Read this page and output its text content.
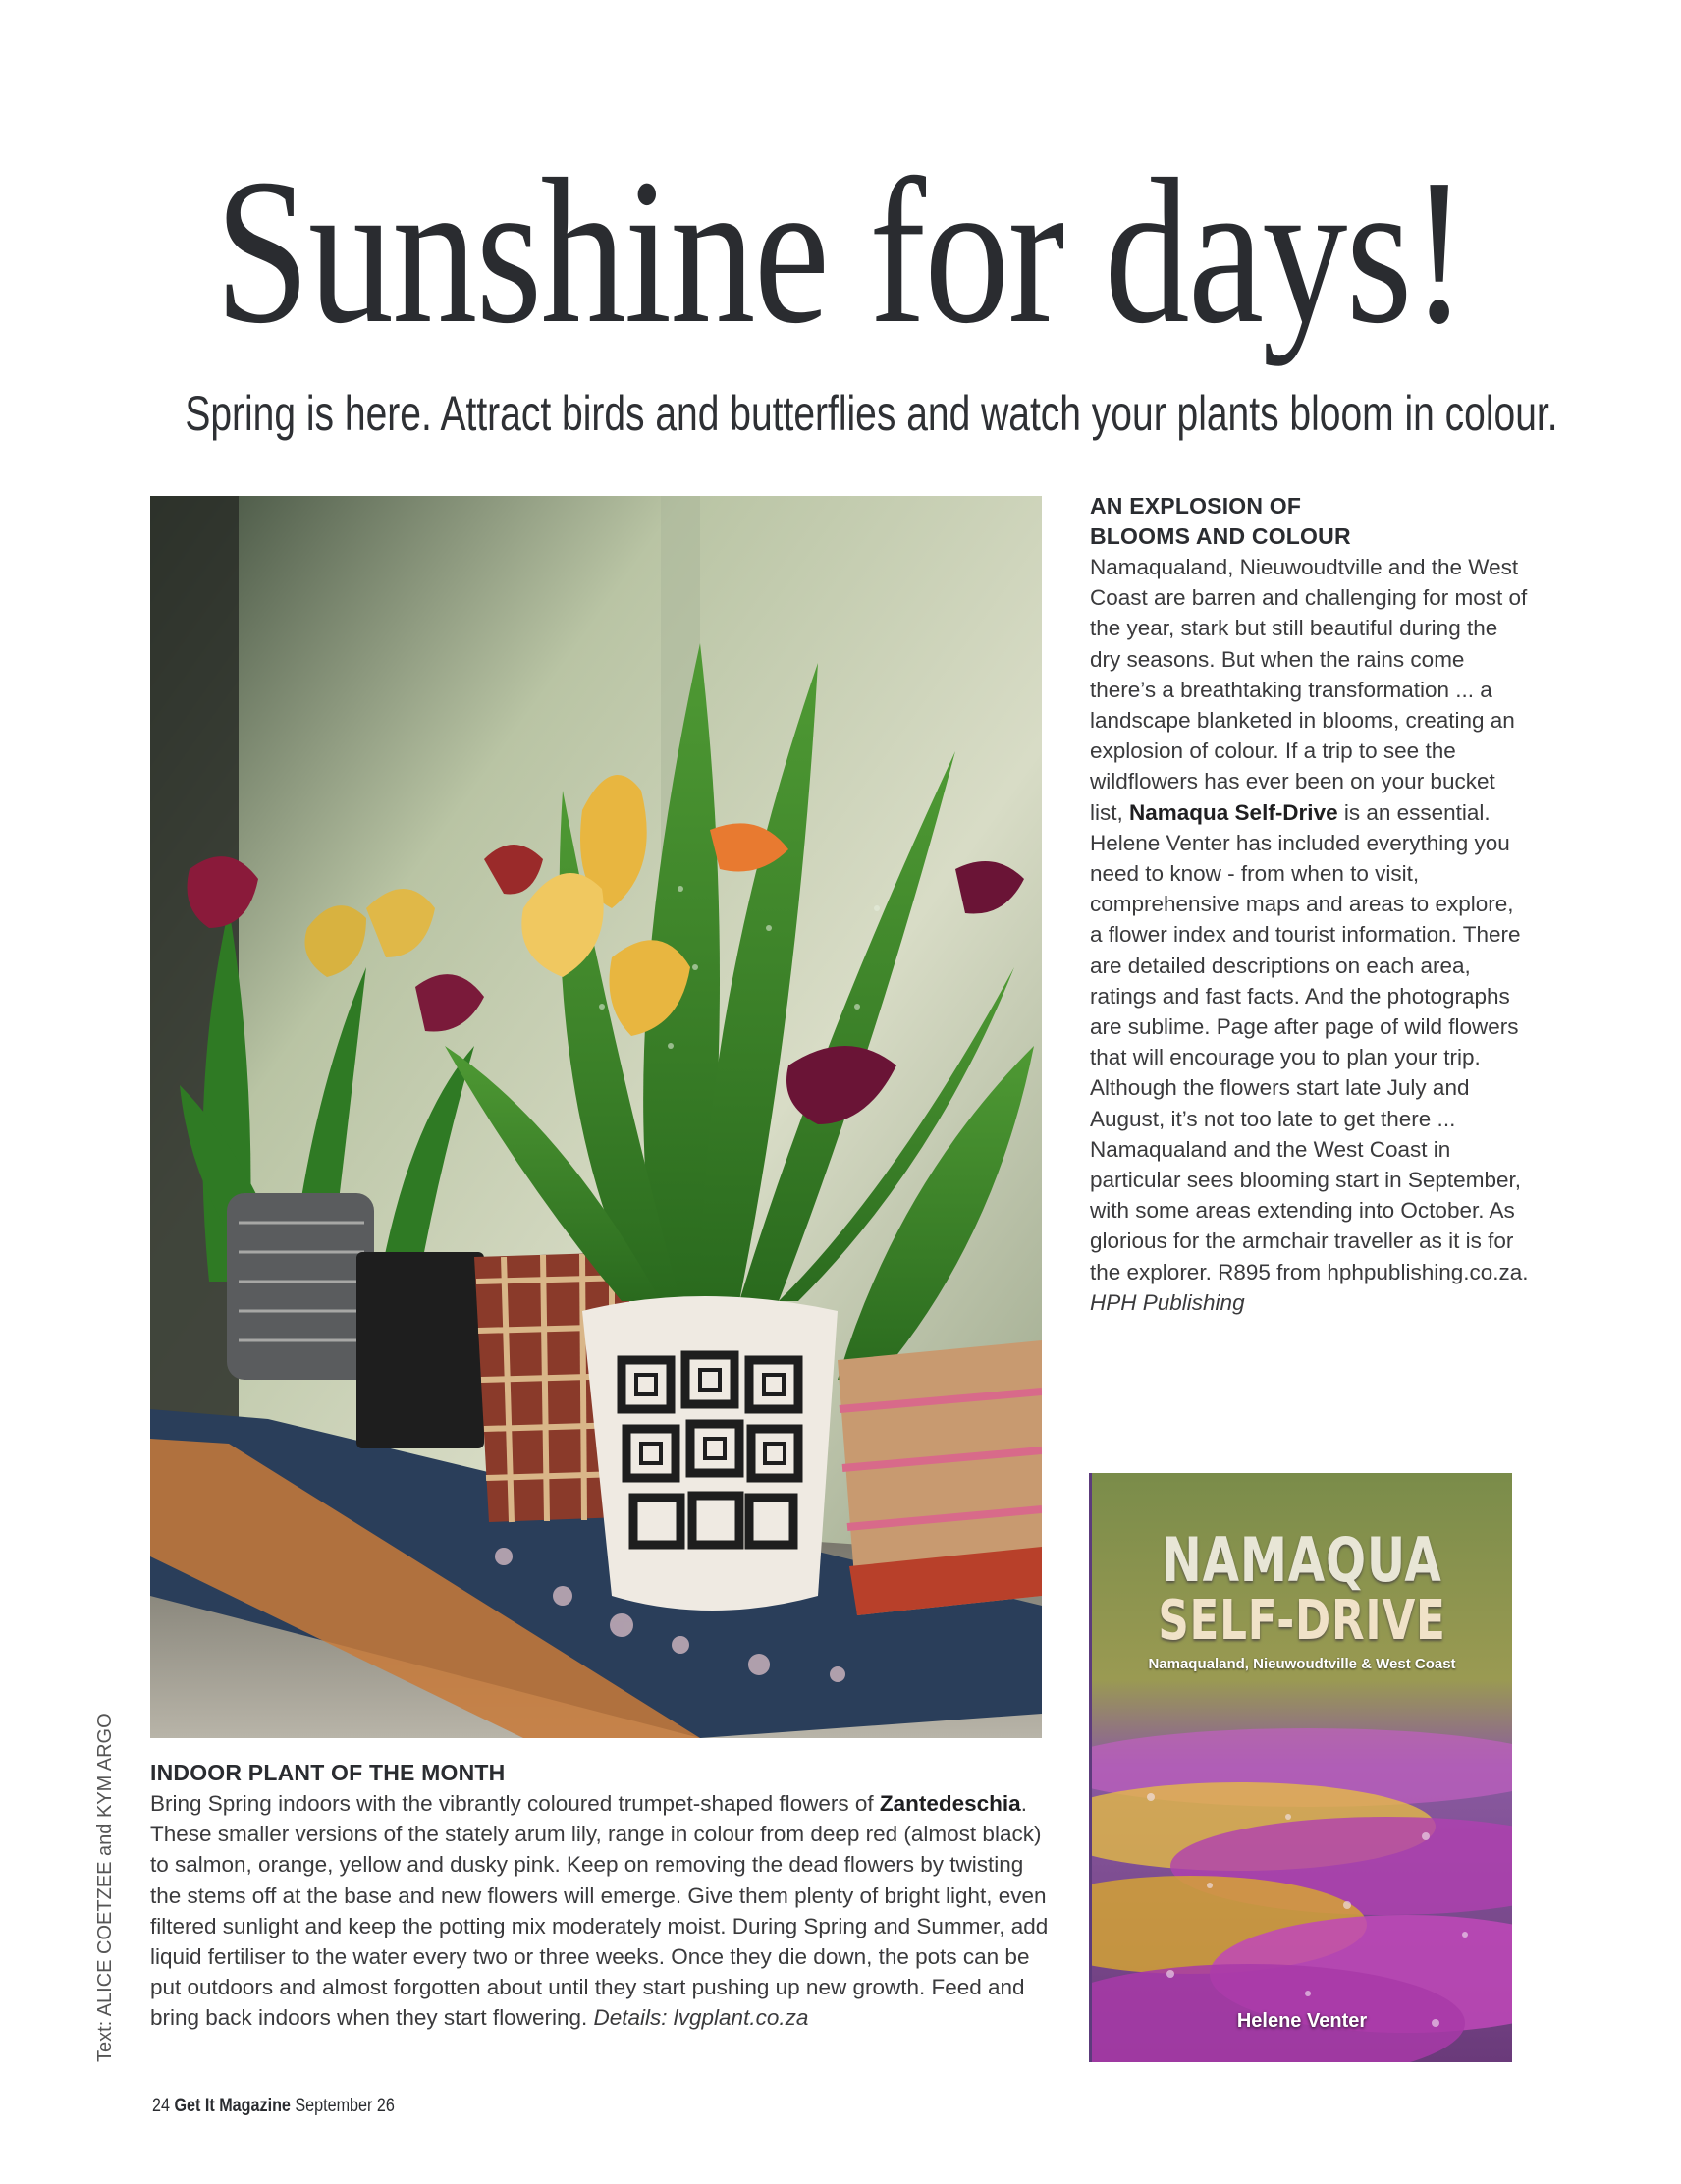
Sunshine for days!
Spring is here. Attract birds and butterflies and watch your plants bloom in colour.
AN EXPLOSION OF
BLOOMS AND COLOUR
Namaqualand, Nieuwoudtville and the West Coast are barren and challenging for most of the year, stark but still beautiful during the dry seasons. But when the rains come there’s a breathtaking transformation ... a landscape blanketed in blooms, creating an explosion of colour. If a trip to see the wildflowers has ever been on your bucket list, Namaqua Self-Drive is an essential. Helene Venter has included everything you need to know - from when to visit, comprehensive maps and areas to explore, a flower index and tourist information. There are detailed descriptions on each area, ratings and fast facts. And the photographs are sublime. Page after page of wild flowers that will encourage you to plan your trip. Although the flowers start late July and August, it’s not too late to get there ... Namaqualand and the West Coast in particular sees blooming start in September, with some areas extending into October. As glorious for the armchair traveller as it is for the explorer. R895 from hphpublishing.co.za. HPH Publishing
NAMAQUA
SELF-DRIVE
Namaqualand, Nieuwoudtville & West Coast
Helene Venter
INDOOR PLANT OF THE MONTH
Bring Spring indoors with the vibrantly coloured trumpet-shaped flowers of Zantedeschia. These smaller versions of the stately arum lily, range in colour from deep red (almost black) to salmon, orange, yellow and dusky pink. Keep on removing the dead flowers by twisting the stems off at the base and new flowers will emerge. Give them plenty of bright light, even filtered sunlight and keep the potting mix moderately moist. During Spring and Summer, add liquid fertiliser to the water every two or three weeks. Once they die down, the pots can be put outdoors and almost forgotten about until they start pushing up new growth. Feed and bring back indoors when they start flowering. Details: lvgplant.co.za
Text: ALICE COETZEE and KYM ARGO
24 Get It Magazine September 26
